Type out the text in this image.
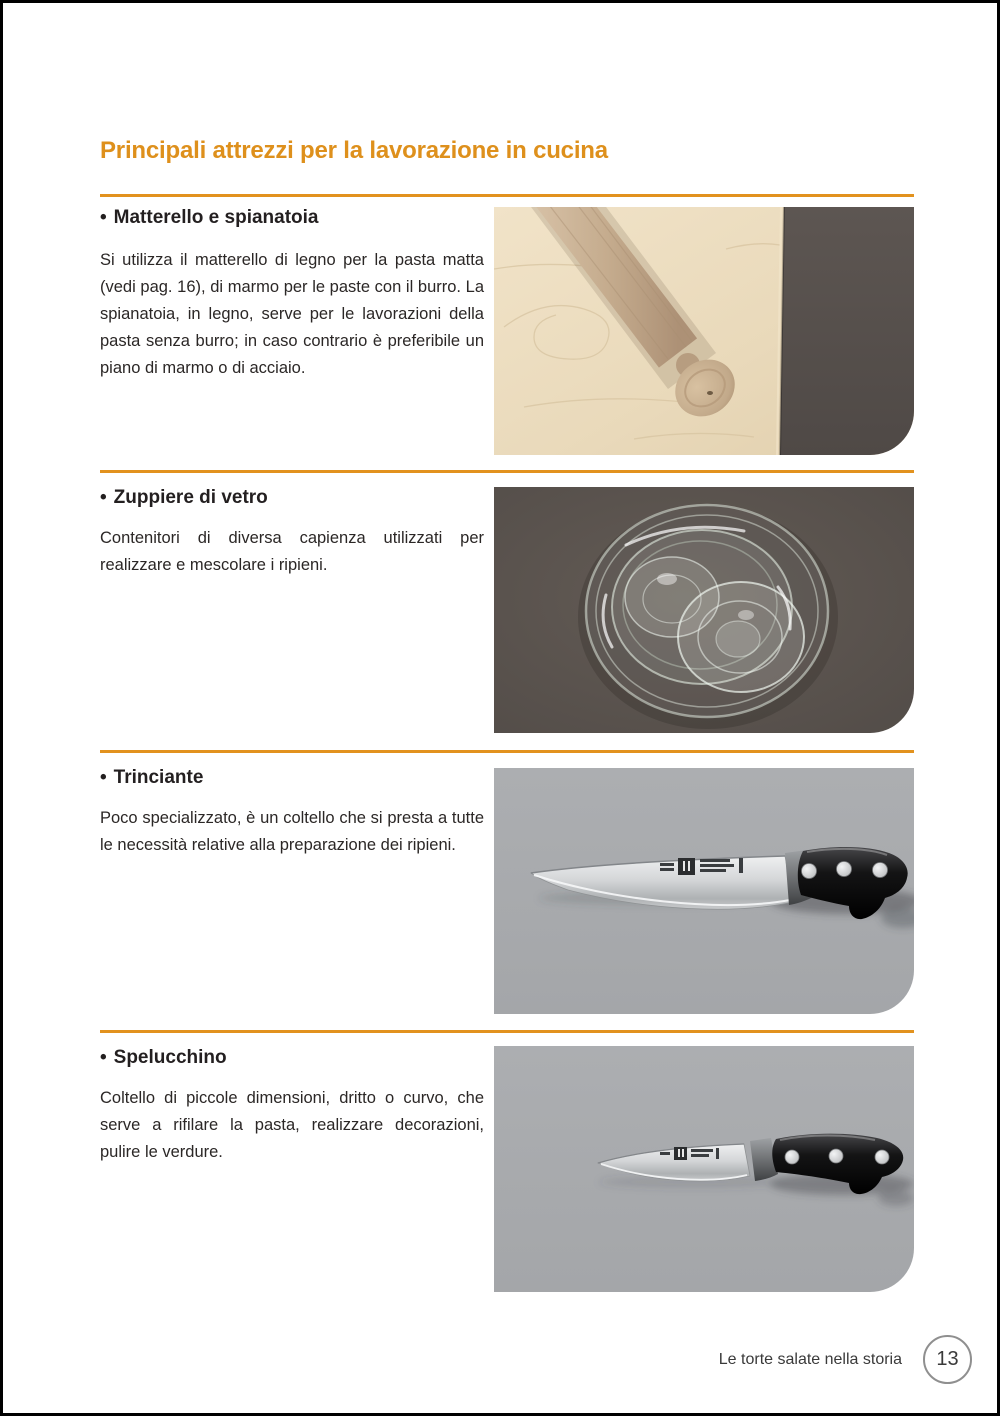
Principali attrezzi per la lavorazione in cucina
• Matterello e spianatoia

Si utilizza il matterello di legno per la pasta matta (vedi pag. 16), di marmo per le paste con il burro. La spianatoia, in legno, serve per le lavorazioni della pasta senza burro; in caso contrario è preferibile un piano di marmo o di acciaio.

• Zuppiere di vetro

Contenitori di diversa capienza utilizzati per realizzare e mescolare i ripieni.

• Trinciante

Poco specializzato, è un coltello che si presta a tutte le necessità relative alla preparazione dei ripieni.

• Spelucchino

Coltello di piccole dimensioni, dritto o curvo, che serve a rifilare la pasta, realizzare decorazioni, pulire le verdure.

Le torte salate nella storia 13
